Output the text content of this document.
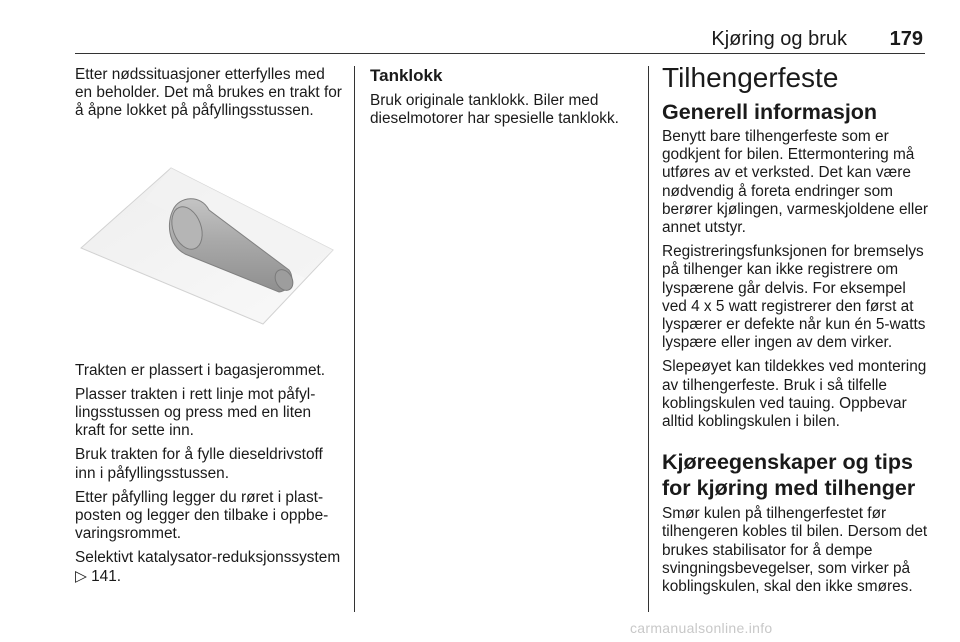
Kjøring og bruk 179

Etter nødssituasjoner etterfylles med en beholder. Det må brukes en trakt for å åpne lokket på påfyllingsstussen.

Trakten er plassert i bagasjerommet.

Plasser trakten i rett linje mot påfyllingsstussen og press med en liten kraft for sette inn.

Bruk trakten for å fylle dieseldrivstoff inn i påfyllingsstussen.

Etter påfylling legger du røret i plastposten og legger den tilbake i oppbevaringsrommet.

Selektivt katalysator-reduksjonssystem ▷ 141.

Tanklokk

Bruk originale tanklokk. Biler med dieselmotorer har spesielle tanklokk.

Tilhengerfeste
Generell informasjon

Benytt bare tilhengerfeste som er godkjent for bilen. Ettermontering må utføres av et verksted. Det kan være nødvendig å foreta endringer som berører kjølingen, varmeskjoldene eller annet utstyr.

Registreringsfunksjonen for bremselys på tilhenger kan ikke registrere om lyspærene går delvis. For eksempel ved 4 x 5 watt registrerer den først at lyspærer er defekte når kun én 5-watts lyspære eller ingen av dem virker.

Slepeøyet kan tildekkes ved montering av tilhengerfeste. Bruk i så tilfelle koblingskulen ved tauing. Oppbevar alltid koblingskulen i bilen.

Kjøreegenskaper og tips for kjøring med tilhenger

Smør kulen på tilhengerfestet før tilhengeren kobles til bilen. Dersom det brukes stabilisator for å dempe svingningsbevegelser, som virker på koblingskulen, skal den ikke smøres.

carmanualsonline.info
